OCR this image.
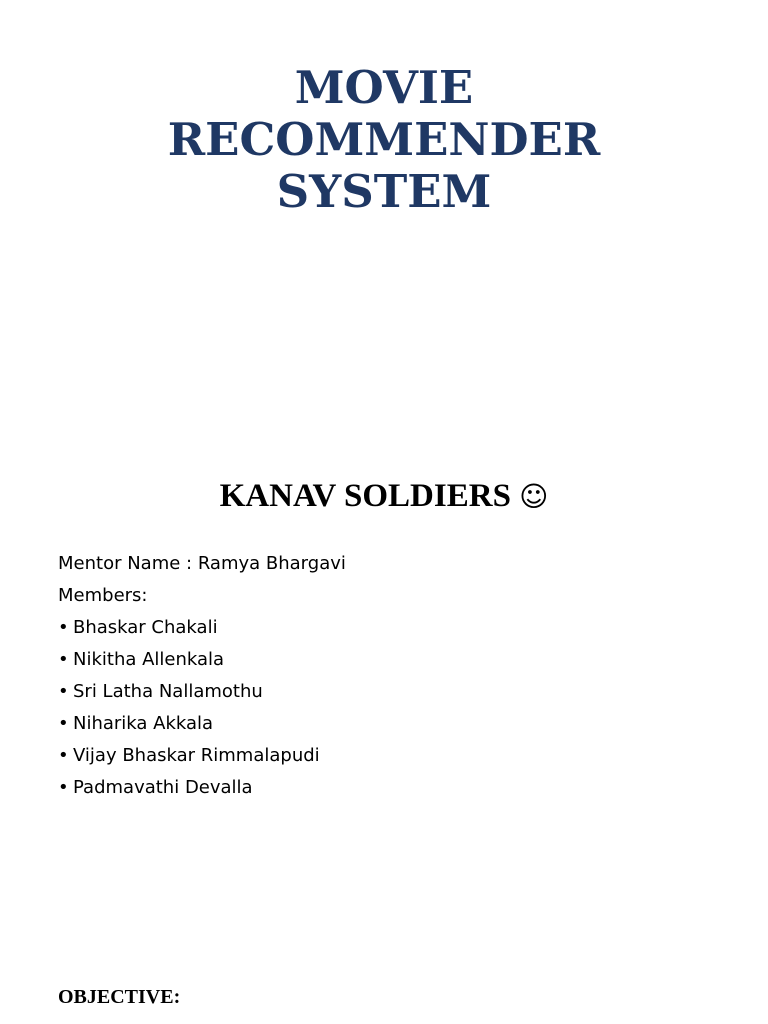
MOVIE
RECOMMENDER
SYSTEM
KANAV SOLDIERS ☺
Mentor Name : Ramya Bhargavi
Members:
• Bhaskar Chakali
• Nikitha Allenkala
• Sri Latha Nallamothu
• Niharika Akkala
• Vijay Bhaskar Rimmalapudi
• Padmavathi Devalla
OBJECTIVE:
